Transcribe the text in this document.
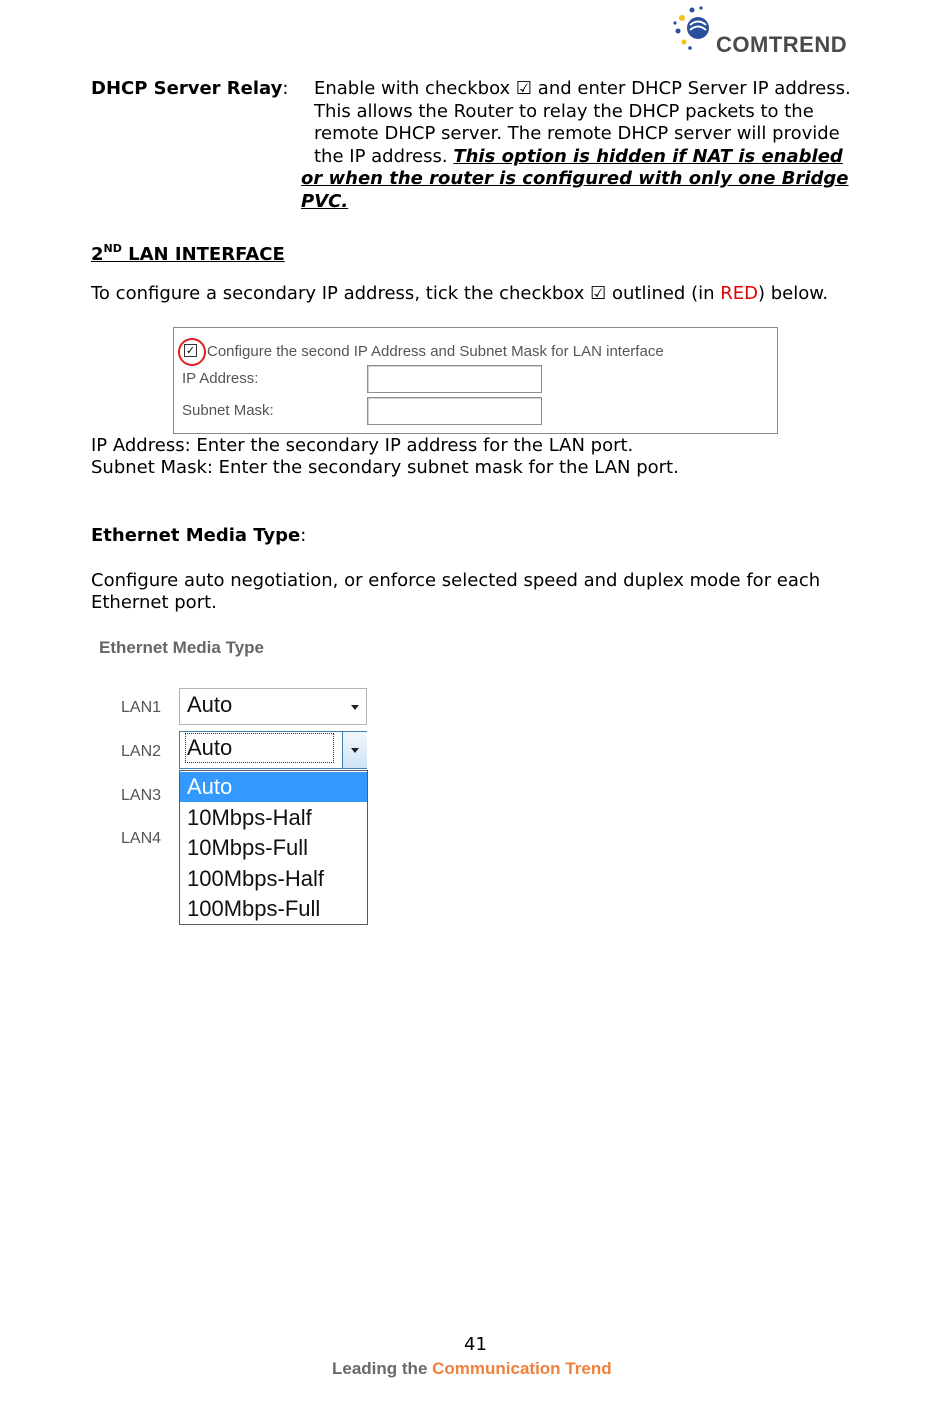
COMTREND
DHCP Server Relay: Enable with checkbox ☑ and enter DHCP Server IP address.
This allows the Router to relay the DHCP packets to the
remote DHCP server. The remote DHCP server will provide
the IP address. This option is hidden if NAT is enabled
or when the router is configured with only one Bridge
PVC.
2ND LAN INTERFACE
To configure a secondary IP address, tick the checkbox ☑ outlined (in RED) below.
✓ Configure the second IP Address and Subnet Mask for LAN interface
IP Address:
Subnet Mask:
IP Address: Enter the secondary IP address for the LAN port.
Subnet Mask: Enter the secondary subnet mask for the LAN port.
Ethernet Media Type:
Configure auto negotiation, or enforce selected speed and duplex mode for each
Ethernet port.
Ethernet Media Type
LAN1
LAN2
LAN3
LAN4
Auto
Auto
Auto
10Mbps-Half
10Mbps-Full
100Mbps-Half
100Mbps-Full
41
Leading the Communication Trend
